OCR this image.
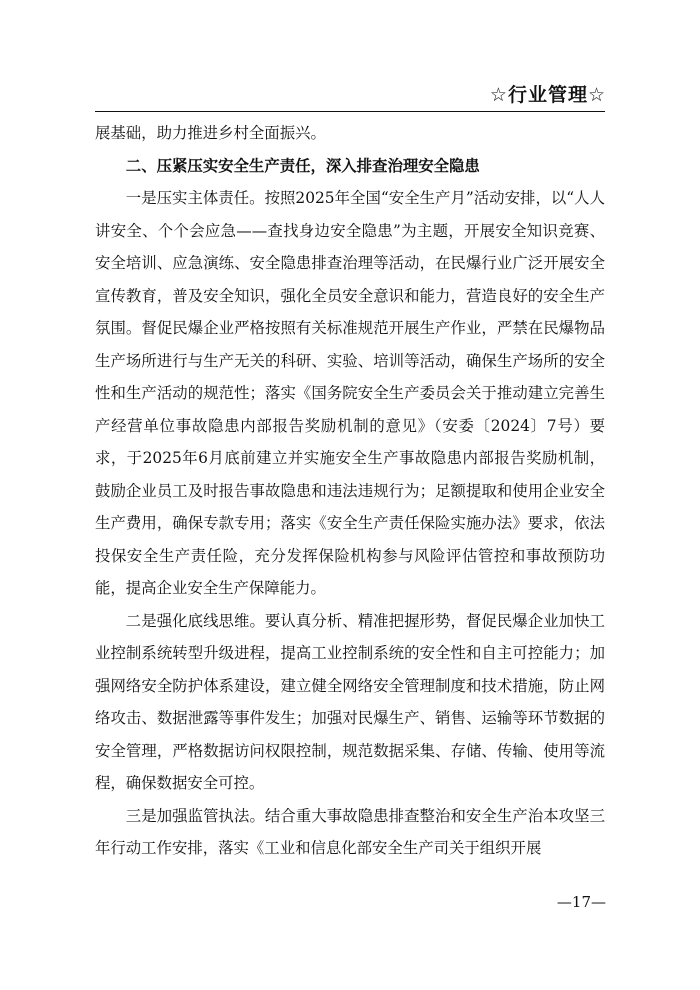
☆行业管理☆

展基础，助力推进乡村全面振兴。

二、压紧压实安全生产责任，深入排查治理安全隐患

一是压实主体责任。按照2025年全国“安全生产月”活动安排，以“人人讲安全、个个会应急——查找身边安全隐患”为主题，开展安全知识竞赛、安全培训、应急演练、安全隐患排查治理等活动，在民爆行业广泛开展安全宣传教育，普及安全知识，强化全员安全意识和能力，营造良好的安全生产氛围。督促民爆企业严格按照有关标准规范开展生产作业，严禁在民爆物品生产场所进行与生产无关的科研、实验、培训等活动，确保生产场所的安全性和生产活动的规范性；落实《国务院安全生产委员会关于推动建立完善生产经营单位事故隐患内部报告奖励机制的意见》（安委〔2024〕7号）要求，于2025年6月底前建立并实施安全生产事故隐患内部报告奖励机制，鼓励企业员工及时报告事故隐患和违法违规行为；足额提取和使用企业安全生产费用，确保专款专用；落实《安全生产责任保险实施办法》要求，依法投保安全生产责任险，充分发挥保险机构参与风险评估管控和事故预防功能，提高企业安全生产保障能力。

二是强化底线思维。要认真分析、精准把握形势，督促民爆企业加快工业控制系统转型升级进程，提高工业控制系统的安全性和自主可控能力；加强网络安全防护体系建设，建立健全网络安全管理制度和技术措施，防止网络攻击、数据泄露等事件发生；加强对民爆生产、销售、运输等环节数据的安全管理，严格数据访问权限控制，规范数据采集、存储、传输、使用等流程，确保数据安全可控。

三是加强监管执法。结合重大事故隐患排查整治和安全生产治本攻坚三年行动工作安排，落实《工业和信息化部安全生产司关于组织开展

—17—
